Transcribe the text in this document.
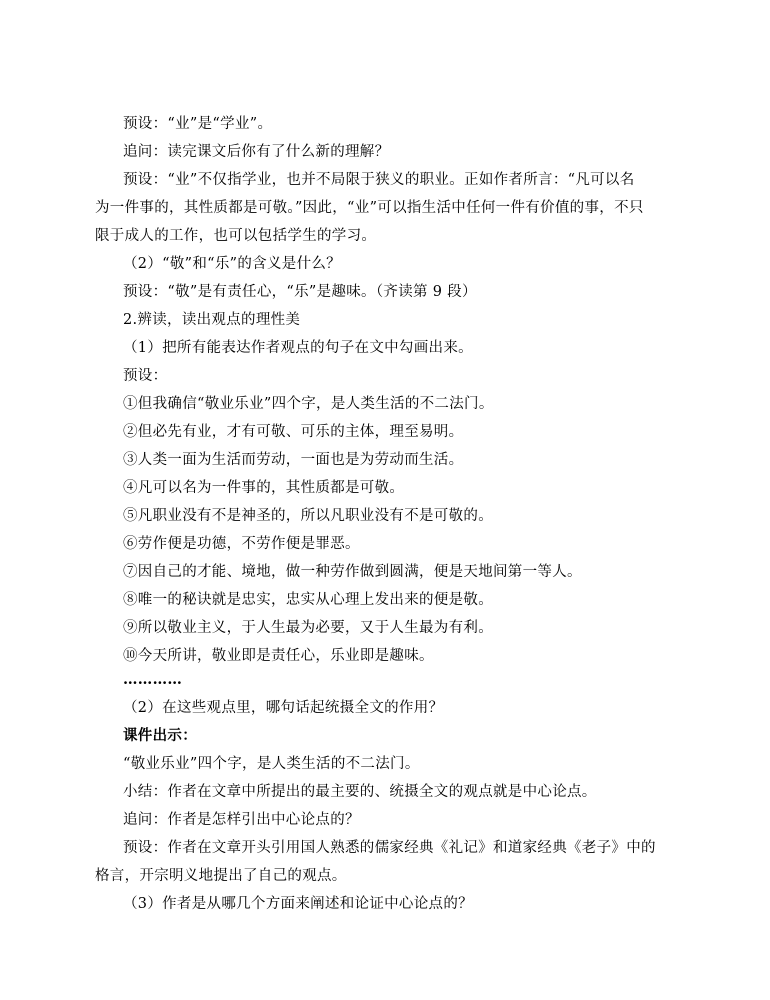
预设：“业”是“学业”。
追问：读完课文后你有了什么新的理解？
预设：“业”不仅指学业，也并不局限于狭义的职业。正如作者所言：“凡可以名
为一件事的，其性质都是可敬。”因此，“业”可以指生活中任何一件有价值的事，不只
限于成人的工作，也可以包括学生的学习。
（2）“敬”和“乐”的含义是什么？
预设：“敬”是有责任心，“乐”是趣味。（齐读第 9 段）
2.辨读，读出观点的理性美
（1）把所有能表达作者观点的句子在文中勾画出来。
预设：
①但我确信“敬业乐业”四个字，是人类生活的不二法门。
②但必先有业，才有可敬、可乐的主体，理至易明。
③人类一面为生活而劳动，一面也是为劳动而生活。
④凡可以名为一件事的，其性质都是可敬。
⑤凡职业没有不是神圣的，所以凡职业没有不是可敬的。
⑥劳作便是功德，不劳作便是罪恶。
⑦因自己的才能、境地，做一种劳作做到圆满，便是天地间第一等人。
⑧唯一的秘诀就是忠实，忠实从心理上发出来的便是敬。
⑨所以敬业主义，于人生最为必要，又于人生最为有利。
⑩今天所讲，敬业即是责任心，乐业即是趣味。
…………
（2）在这些观点里，哪句话起统摄全文的作用？
课件出示：
“敬业乐业”四个字，是人类生活的不二法门。
小结：作者在文章中所提出的最主要的、统摄全文的观点就是中心论点。
追问：作者是怎样引出中心论点的？
预设：作者在文章开头引用国人熟悉的儒家经典《礼记》和道家经典《老子》中的
格言，开宗明义地提出了自己的观点。
（3）作者是从哪几个方面来阐述和论证中心论点的？
